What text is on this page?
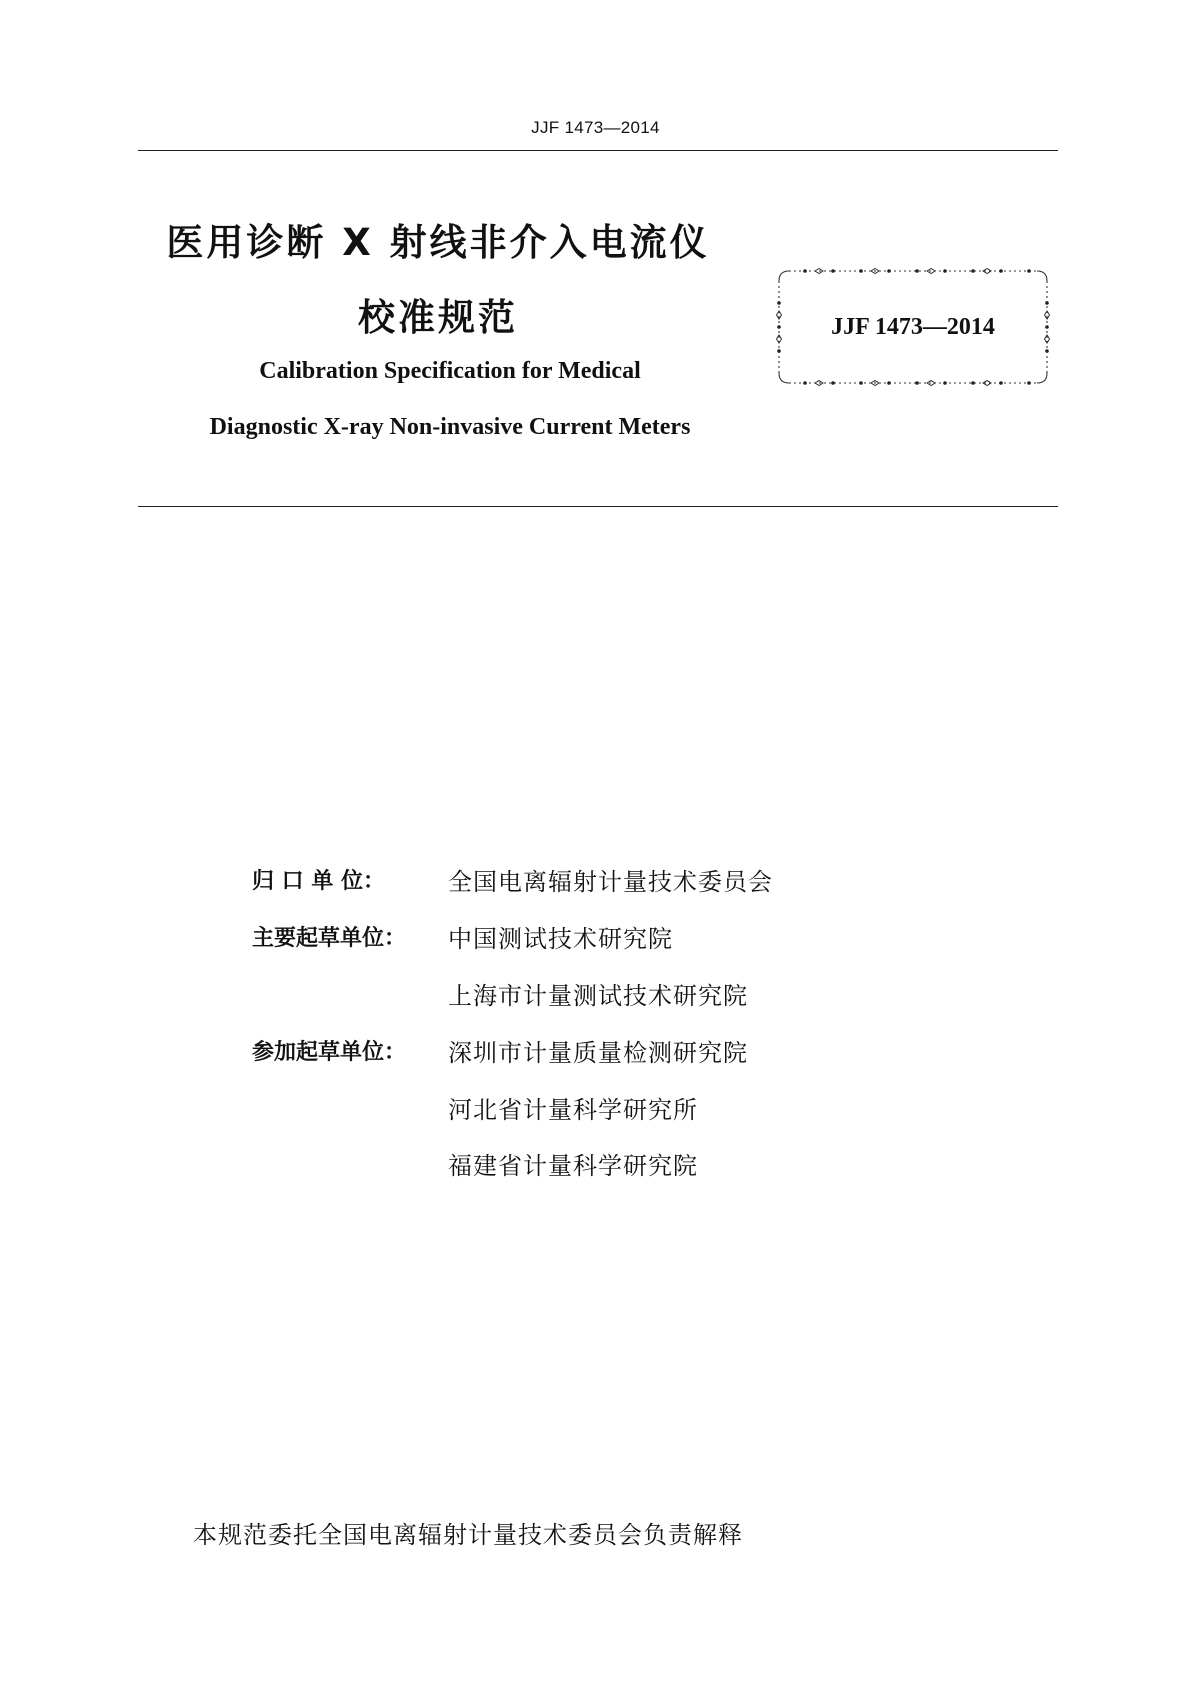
JJF 1473—2014
医用诊断 X 射线非介入电流仪
校准规范
Calibration Specification for Medical
Diagnostic X-ray Non-invasive Current Meters
JJF 1473—2014
归 口 单 位：	全国电离辐射计量技术委员会
主要起草单位：	中国测试技术研究院
上海市计量测试技术研究院
参加起草单位：	深圳市计量质量检测研究院
河北省计量科学研究所
福建省计量科学研究院
本规范委托全国电离辐射计量技术委员会负责解释
